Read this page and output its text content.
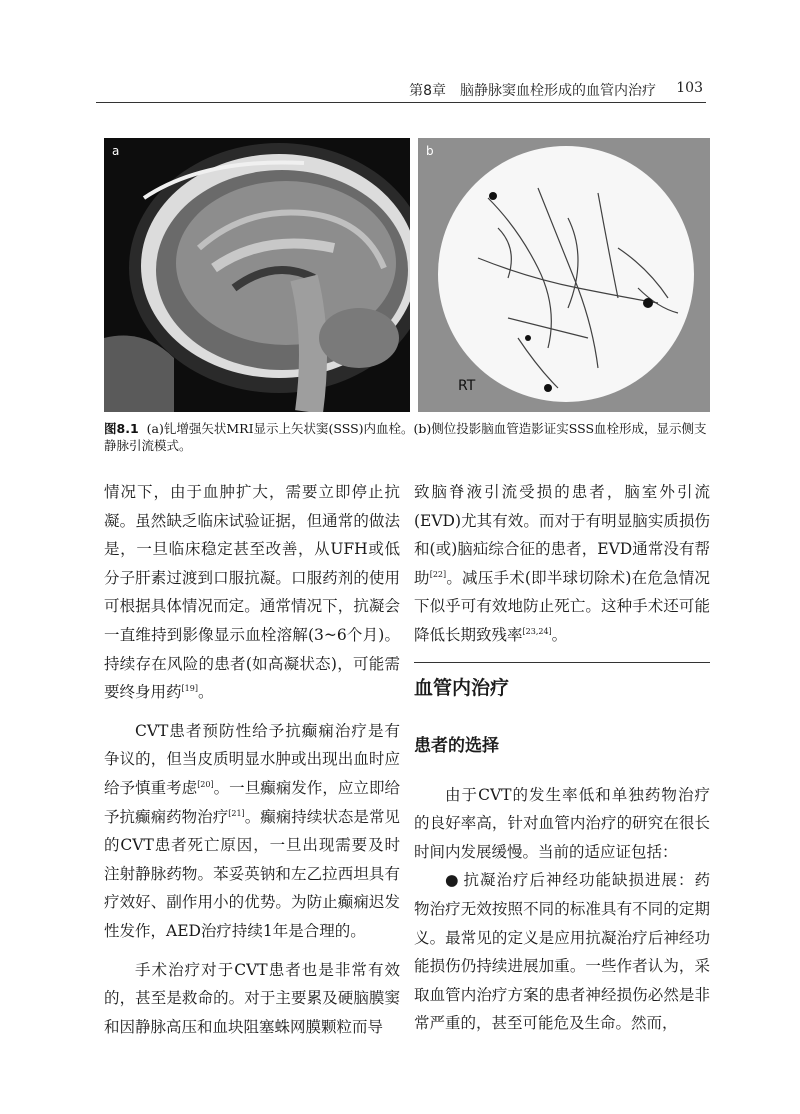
第8章　脑静脉窦血栓形成的血管内治疗 103
a	b
RT
图8.1 (a)钆增强矢状MRI显示上矢状窦(SSS)内血栓。(b)侧位投影脑血管造影证实SSS血栓形成，显示侧支静脉引流模式。

情况下，由于血肿扩大，需要立即停止抗凝。虽然缺乏临床试验证据，但通常的做法是，一旦临床稳定甚至改善，从UFH或低分子肝素过渡到口服抗凝。口服药剂的使用可根据具体情况而定。通常情况下，抗凝会一直维持到影像显示血栓溶解(3~6个月)。持续存在风险的患者(如高凝状态)，可能需要终身用药[19]。

CVT患者预防性给予抗癫痫治疗是有争议的，但当皮质明显水肿或出现出血时应给予慎重考虑[20]。一旦癫痫发作，应立即给予抗癫痫药物治疗[21]。癫痫持续状态是常见的CVT患者死亡原因，一旦出现需要及时注射静脉药物。苯妥英钠和左乙拉西坦具有疗效好、副作用小的优势。为防止癫痫迟发性发作，AED治疗持续1年是合理的。

手术治疗对于CVT患者也是非常有效的，甚至是救命的。对于主要累及硬脑膜窦和因静脉高压和血块阻塞蛛网膜颗粒而导

致脑脊液引流受损的患者，脑室外引流(EVD)尤其有效。而对于有明显脑实质损伤和(或)脑疝综合征的患者，EVD通常没有帮助[22]。减压手术(即半球切除术)在危急情况下似乎可有效地防止死亡。这种手术还可能降低长期致残率[23,24]。

血管内治疗
患者的选择

由于CVT的发生率低和单独药物治疗的良好率高，针对血管内治疗的研究在很长时间内发展缓慢。当前的适应证包括：

● 抗凝治疗后神经功能缺损进展：药物治疗无效按照不同的标准具有不同的定期义。最常见的定义是应用抗凝治疗后神经功能损伤仍持续进展加重。一些作者认为，采取血管内治疗方案的患者神经损伤必然是非常严重的，甚至可能危及生命。然而，
